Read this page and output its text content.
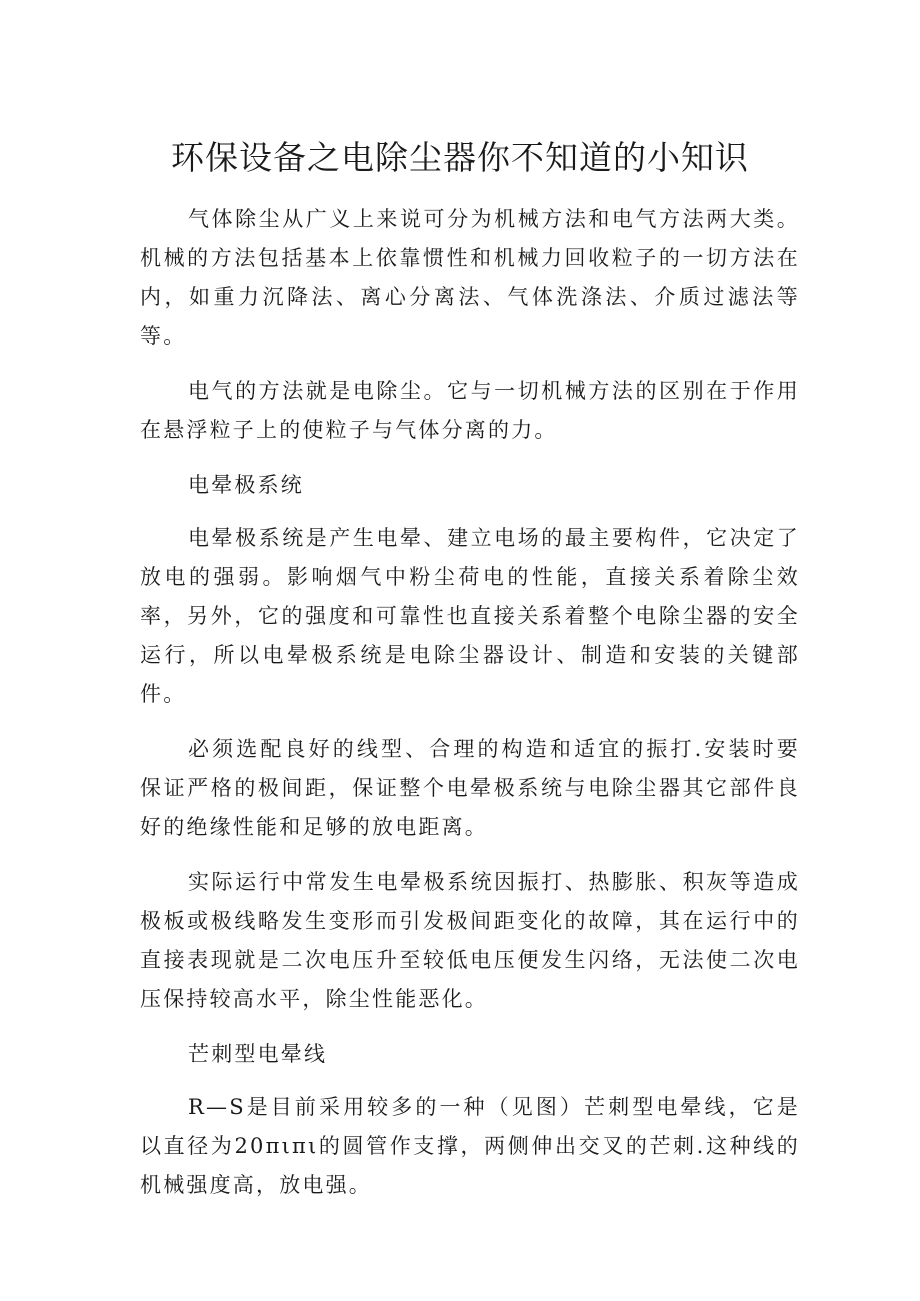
环保设备之电除尘器你不知道的小知识

气体除尘从广义上来说可分为机械方法和电气方法两大类。机械的方法包括基本上依靠惯性和机械力回收粒子的一切方法在内，如重力沉降法、离心分离法、气体洗涤法、介质过滤法等等。

电气的方法就是电除尘。它与一切机械方法的区别在于作用在悬浮粒子上的使粒子与气体分离的力。

电晕极系统

电晕极系统是产生电晕、建立电场的最主要构件，它决定了放电的强弱。影响烟气中粉尘荷电的性能，直接关系着除尘效率，另外，它的强度和可靠性也直接关系着整个电除尘器的安全运行，所以电晕极系统是电除尘器设计、制造和安装的关键部件。

必须选配良好的线型、合理的构造和适宜的振打.安装时要保证严格的极间距，保证整个电晕极系统与电除尘器其它部件良好的绝缘性能和足够的放电距离。

实际运行中常发生电晕极系统因振打、热膨胀、积灰等造成极板或极线略发生变形而引发极间距变化的故障，其在运行中的直接表现就是二次电压升至较低电压便发生闪络，无法使二次电压保持较高水平，除尘性能恶化。

芒刺型电晕线

R—S是目前采用较多的一种（见图）芒刺型电晕线，它是以直径为20πιπι的圆管作支撑，两侧伸出交叉的芒刺.这种线的机械强度高，放电强。
